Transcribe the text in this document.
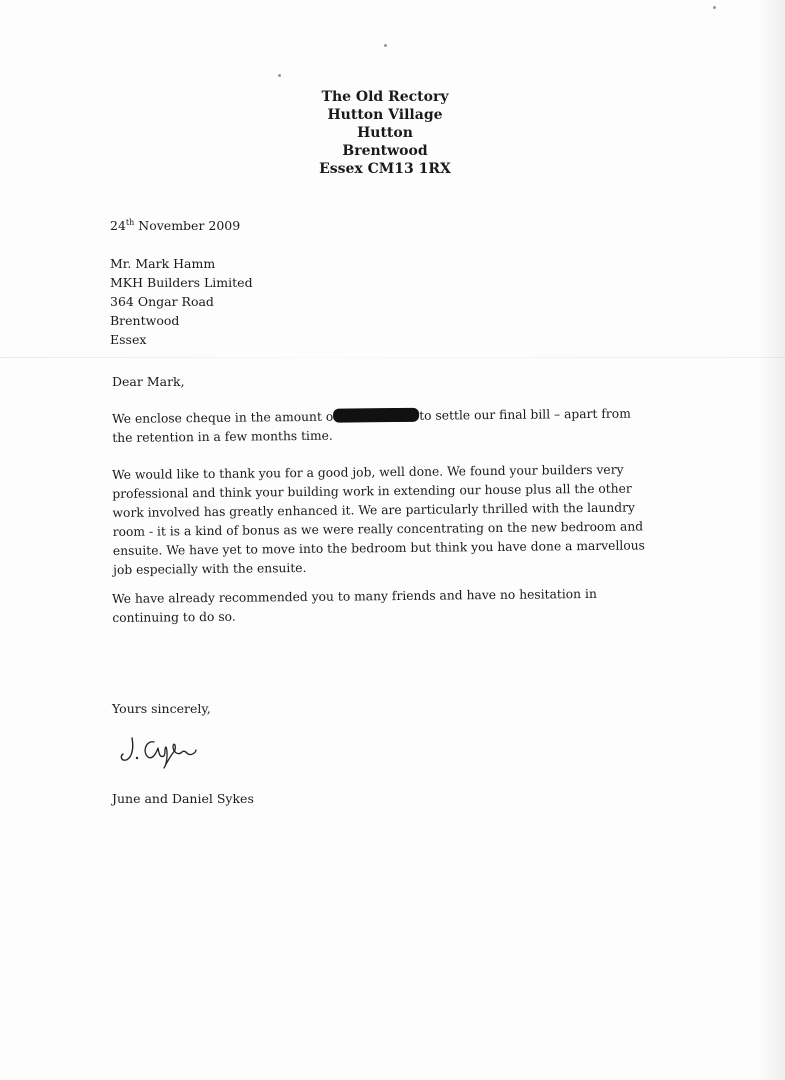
The Old Rectory
Hutton Village
Hutton
Brentwood
Essex CM13 1RX
24th November 2009
Mr. Mark Hamm
MKH Builders Limited
364 Ongar Road
Brentwood
Essex
Dear Mark,
We enclose cheque in the amount o	to settle our final bill – apart from the retention in a few months time.
We would like to thank you for a good job, well done. We found your builders very professional and think your building work in extending our house plus all the other work involved has greatly enhanced it. We are particularly thrilled with the laundry room - it is a kind of bonus as we were really concentrating on the new bedroom and ensuite. We have yet to move into the bedroom but think you have done a marvellous job especially with the ensuite.
We have already recommended you to many friends and have no hesitation in continuing to do so.
Yours sincerely,
June and Daniel Sykes
